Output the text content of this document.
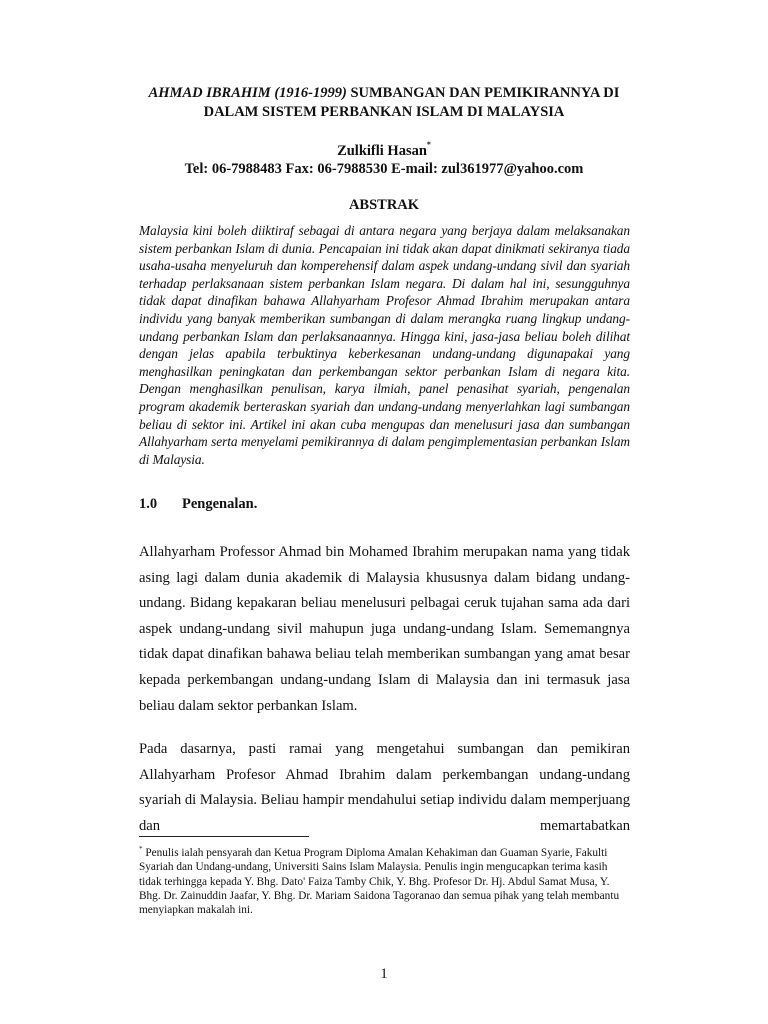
AHMAD IBRAHIM (1916-1999) SUMBANGAN DAN PEMIKIRANNYA DI
DALAM SISTEM PERBANKAN ISLAM DI MALAYSIA
Zulkifli Hasan*
Tel: 06-7988483 Fax: 06-7988530 E-mail: zul361977@yahoo.com
ABSTRAK
Malaysia kini boleh diiktiraf sebagai di antara negara yang berjaya dalam melaksanakan sistem perbankan Islam di dunia. Pencapaian ini tidak akan dapat dinikmati sekiranya tiada usaha-usaha menyeluruh dan komperehensif dalam aspek undang-undang sivil dan syariah terhadap perlaksanaan sistem perbankan Islam negara. Di dalam hal ini, sesungguhnya tidak dapat dinafikan bahawa Allahyarham Profesor Ahmad Ibrahim merupakan antara individu yang banyak memberikan sumbangan di dalam merangka ruang lingkup undang-undang perbankan Islam dan perlaksanaannya. Hingga kini, jasa-jasa beliau boleh dilihat dengan jelas apabila terbuktinya keberkesanan undang-undang digunapakai yang menghasilkan peningkatan dan perkembangan sektor perbankan Islam di negara kita. Dengan menghasilkan penulisan, karya ilmiah, panel penasihat syariah, pengenalan program akademik berteraskan syariah dan undang-undang menyerlahkan lagi sumbangan beliau di sektor ini. Artikel ini akan cuba mengupas dan menelusuri jasa dan sumbangan Allahyarham serta menyelami pemikirannya di dalam pengimplementasian perbankan Islam di Malaysia.
1.0 Pengenalan.
Allahyarham Professor Ahmad bin Mohamed Ibrahim merupakan nama yang tidak asing lagi dalam dunia akademik di Malaysia khususnya dalam bidang undang-undang. Bidang kepakaran beliau menelusuri pelbagai ceruk tujahan sama ada dari aspek undang-undang sivil mahupun juga undang-undang Islam. Sememangnya tidak dapat dinafikan bahawa beliau telah memberikan sumbangan yang amat besar kepada perkembangan undang-undang Islam di Malaysia dan ini termasuk jasa beliau dalam sektor perbankan Islam.
Pada dasarnya, pasti ramai yang mengetahui sumbangan dan pemikiran Allahyarham Profesor Ahmad Ibrahim dalam perkembangan undang-undang syariah di Malaysia. Beliau hampir mendahului setiap individu dalam memperjuang dan memartabatkan
* Penulis ialah pensyarah dan Ketua Program Diploma Amalan Kehakiman dan Guaman Syarie, Fakulti Syariah dan Undang-undang, Universiti Sains Islam Malaysia. Penulis ingin mengucapkan terima kasih tidak terhingga kepada Y. Bhg. Dato' Faiza Tamby Chik, Y. Bhg. Profesor Dr. Hj. Abdul Samat Musa, Y. Bhg. Dr. Zainuddin Jaafar, Y. Bhg. Dr. Mariam Saidona Tagoranao dan semua pihak yang telah membantu menyiapkan makalah ini.
1
